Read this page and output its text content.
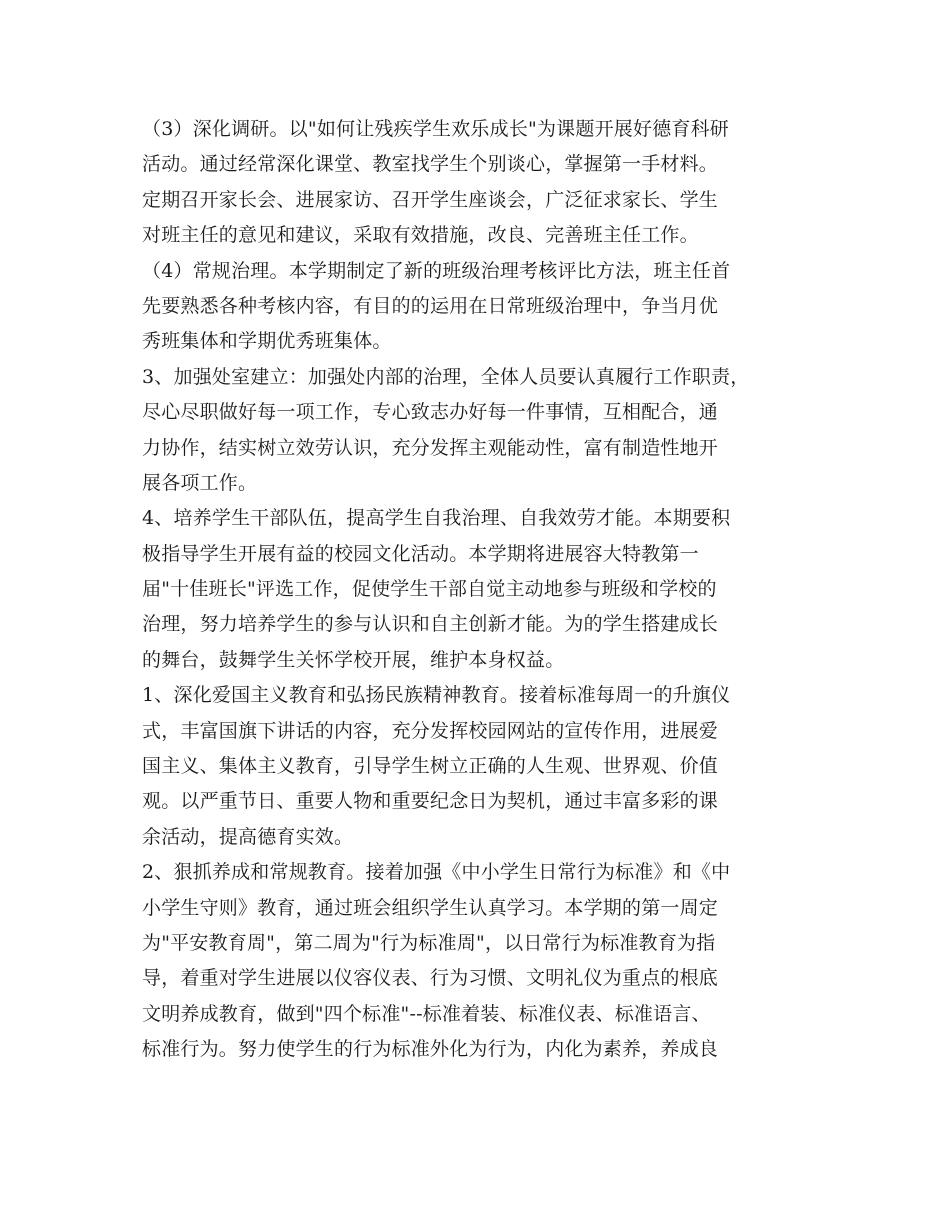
（3）深化调研。以"如何让残疾学生欢乐成长"为课题开展好德育科研
活动。通过经常深化课堂、教室找学生个别谈心，掌握第一手材料。
定期召开家长会、进展家访、召开学生座谈会，广泛征求家长、学生
对班主任的意见和建议，采取有效措施，改良、完善班主任工作。
（4）常规治理。本学期制定了新的班级治理考核评比方法，班主任首
先要熟悉各种考核内容，有目的的运用在日常班级治理中，争当月优
秀班集体和学期优秀班集体。
3、加强处室建立：加强处内部的治理，全体人员要认真履行工作职责，
尽心尽职做好每一项工作，专心致志办好每一件事情，互相配合，通
力协作，结实树立效劳认识，充分发挥主观能动性，富有制造性地开
展各项工作。
4、培养学生干部队伍，提高学生自我治理、自我效劳才能。本期要积
极指导学生开展有益的校园文化活动。本学期将进展容大特教第一
届"十佳班长"评选工作，促使学生干部自觉主动地参与班级和学校的
治理，努力培养学生的参与认识和自主创新才能。为的学生搭建成长
的舞台，鼓舞学生关怀学校开展，维护本身权益。
1、深化爱国主义教育和弘扬民族精神教育。接着标准每周一的升旗仪
式，丰富国旗下讲话的内容，充分发挥校园网站的宣传作用，进展爱
国主义、集体主义教育，引导学生树立正确的人生观、世界观、价值
观。以严重节日、重要人物和重要纪念日为契机，通过丰富多彩的课
余活动，提高德育实效。
2、狠抓养成和常规教育。接着加强《中小学生日常行为标准》和《中
小学生守则》教育，通过班会组织学生认真学习。本学期的第一周定
为"平安教育周"，第二周为"行为标准周"，以日常行为标准教育为指
导，着重对学生进展以仪容仪表、行为习惯、文明礼仪为重点的根底
文明养成教育，做到"四个标准"--标准着装、标准仪表、标准语言、
标准行为。努力使学生的行为标准外化为行为，内化为素养，养成良
